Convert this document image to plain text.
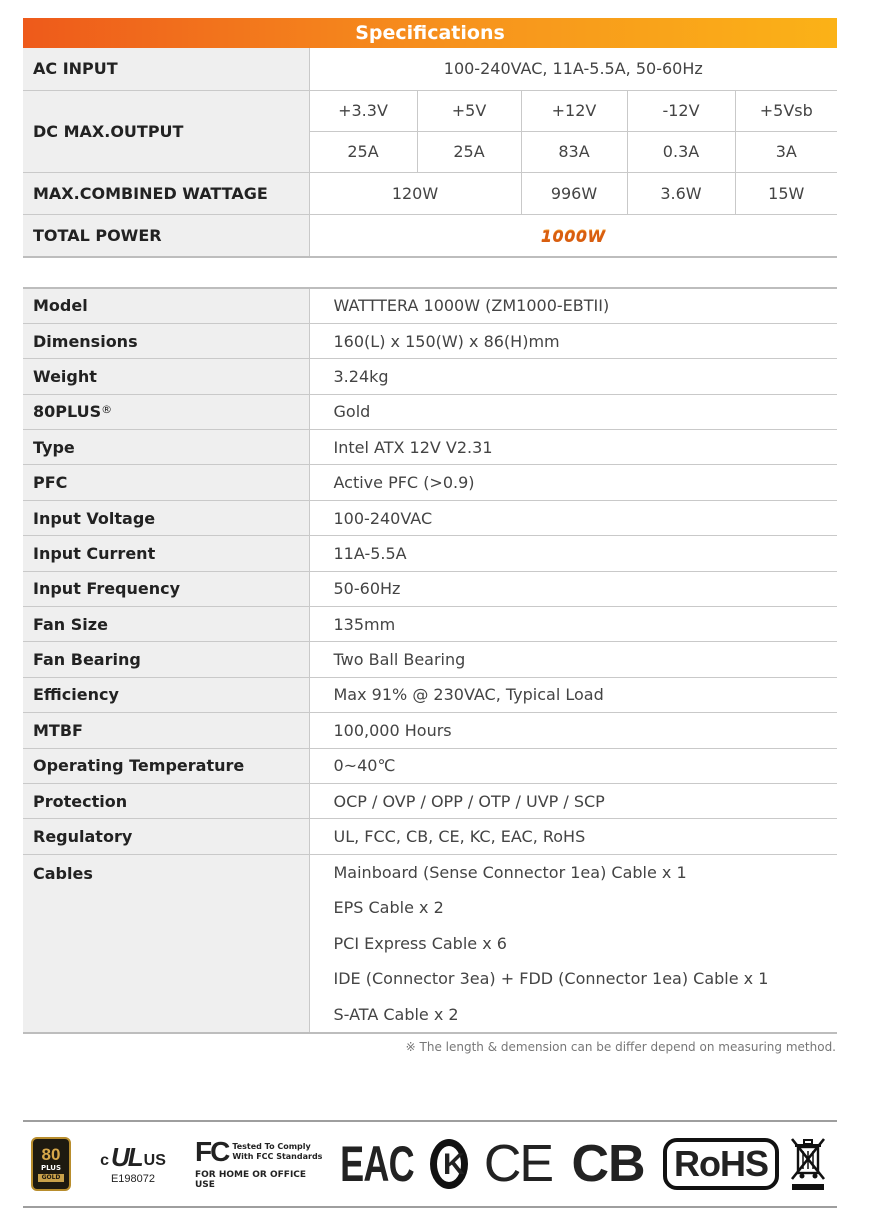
Specifications
AC INPUT	100-240VAC, 11A-5.5A, 50-60Hz				
DC MAX.OUTPUT	+3.3V	+5V	+12V	-12V	+5Vsb
	25A	25A	83A	0.3A	3A
MAX.COMBINED WATTAGE	120W		996W	3.6W	15W
TOTAL POWER	1000W				
Model	WATTTERA 1000W (ZM1000-EBTII)
Dimensions	160(L) x 150(W) x 86(H)mm
Weight	3.24kg
80PLUS®	Gold
Type	Intel ATX 12V V2.31
PFC	Active PFC (>0.9)
Input Voltage	100-240VAC
Input Current	11A-5.5A
Input Frequency	50-60Hz
Fan Size	135mm
Fan Bearing	Two Ball Bearing
Efficiency	Max 91% @ 230VAC, Typical Load
MTBF	100,000 Hours
Operating Temperature	0~40℃
Protection	OCP / OVP / OPP / OTP / UVP / SCP
Regulatory	UL, FCC, CB, CE, KC, EAC, RoHS
Cables	Mainboard (Sense Connector 1ea) Cable x 1
EPS Cable x 2
PCI Express Cable x 6
IDE (Connector 3ea) + FDD (Connector 1ea) Cable x 1
S-ATA Cable x 2
※ The length & demension can be differ depend on measuring method.
80
PLUS
GOLD
c UL US
E198072
FC Tested To Comply
With FCC Standards
FOR HOME OR OFFICE USE	EAC K CE CB RoHS
